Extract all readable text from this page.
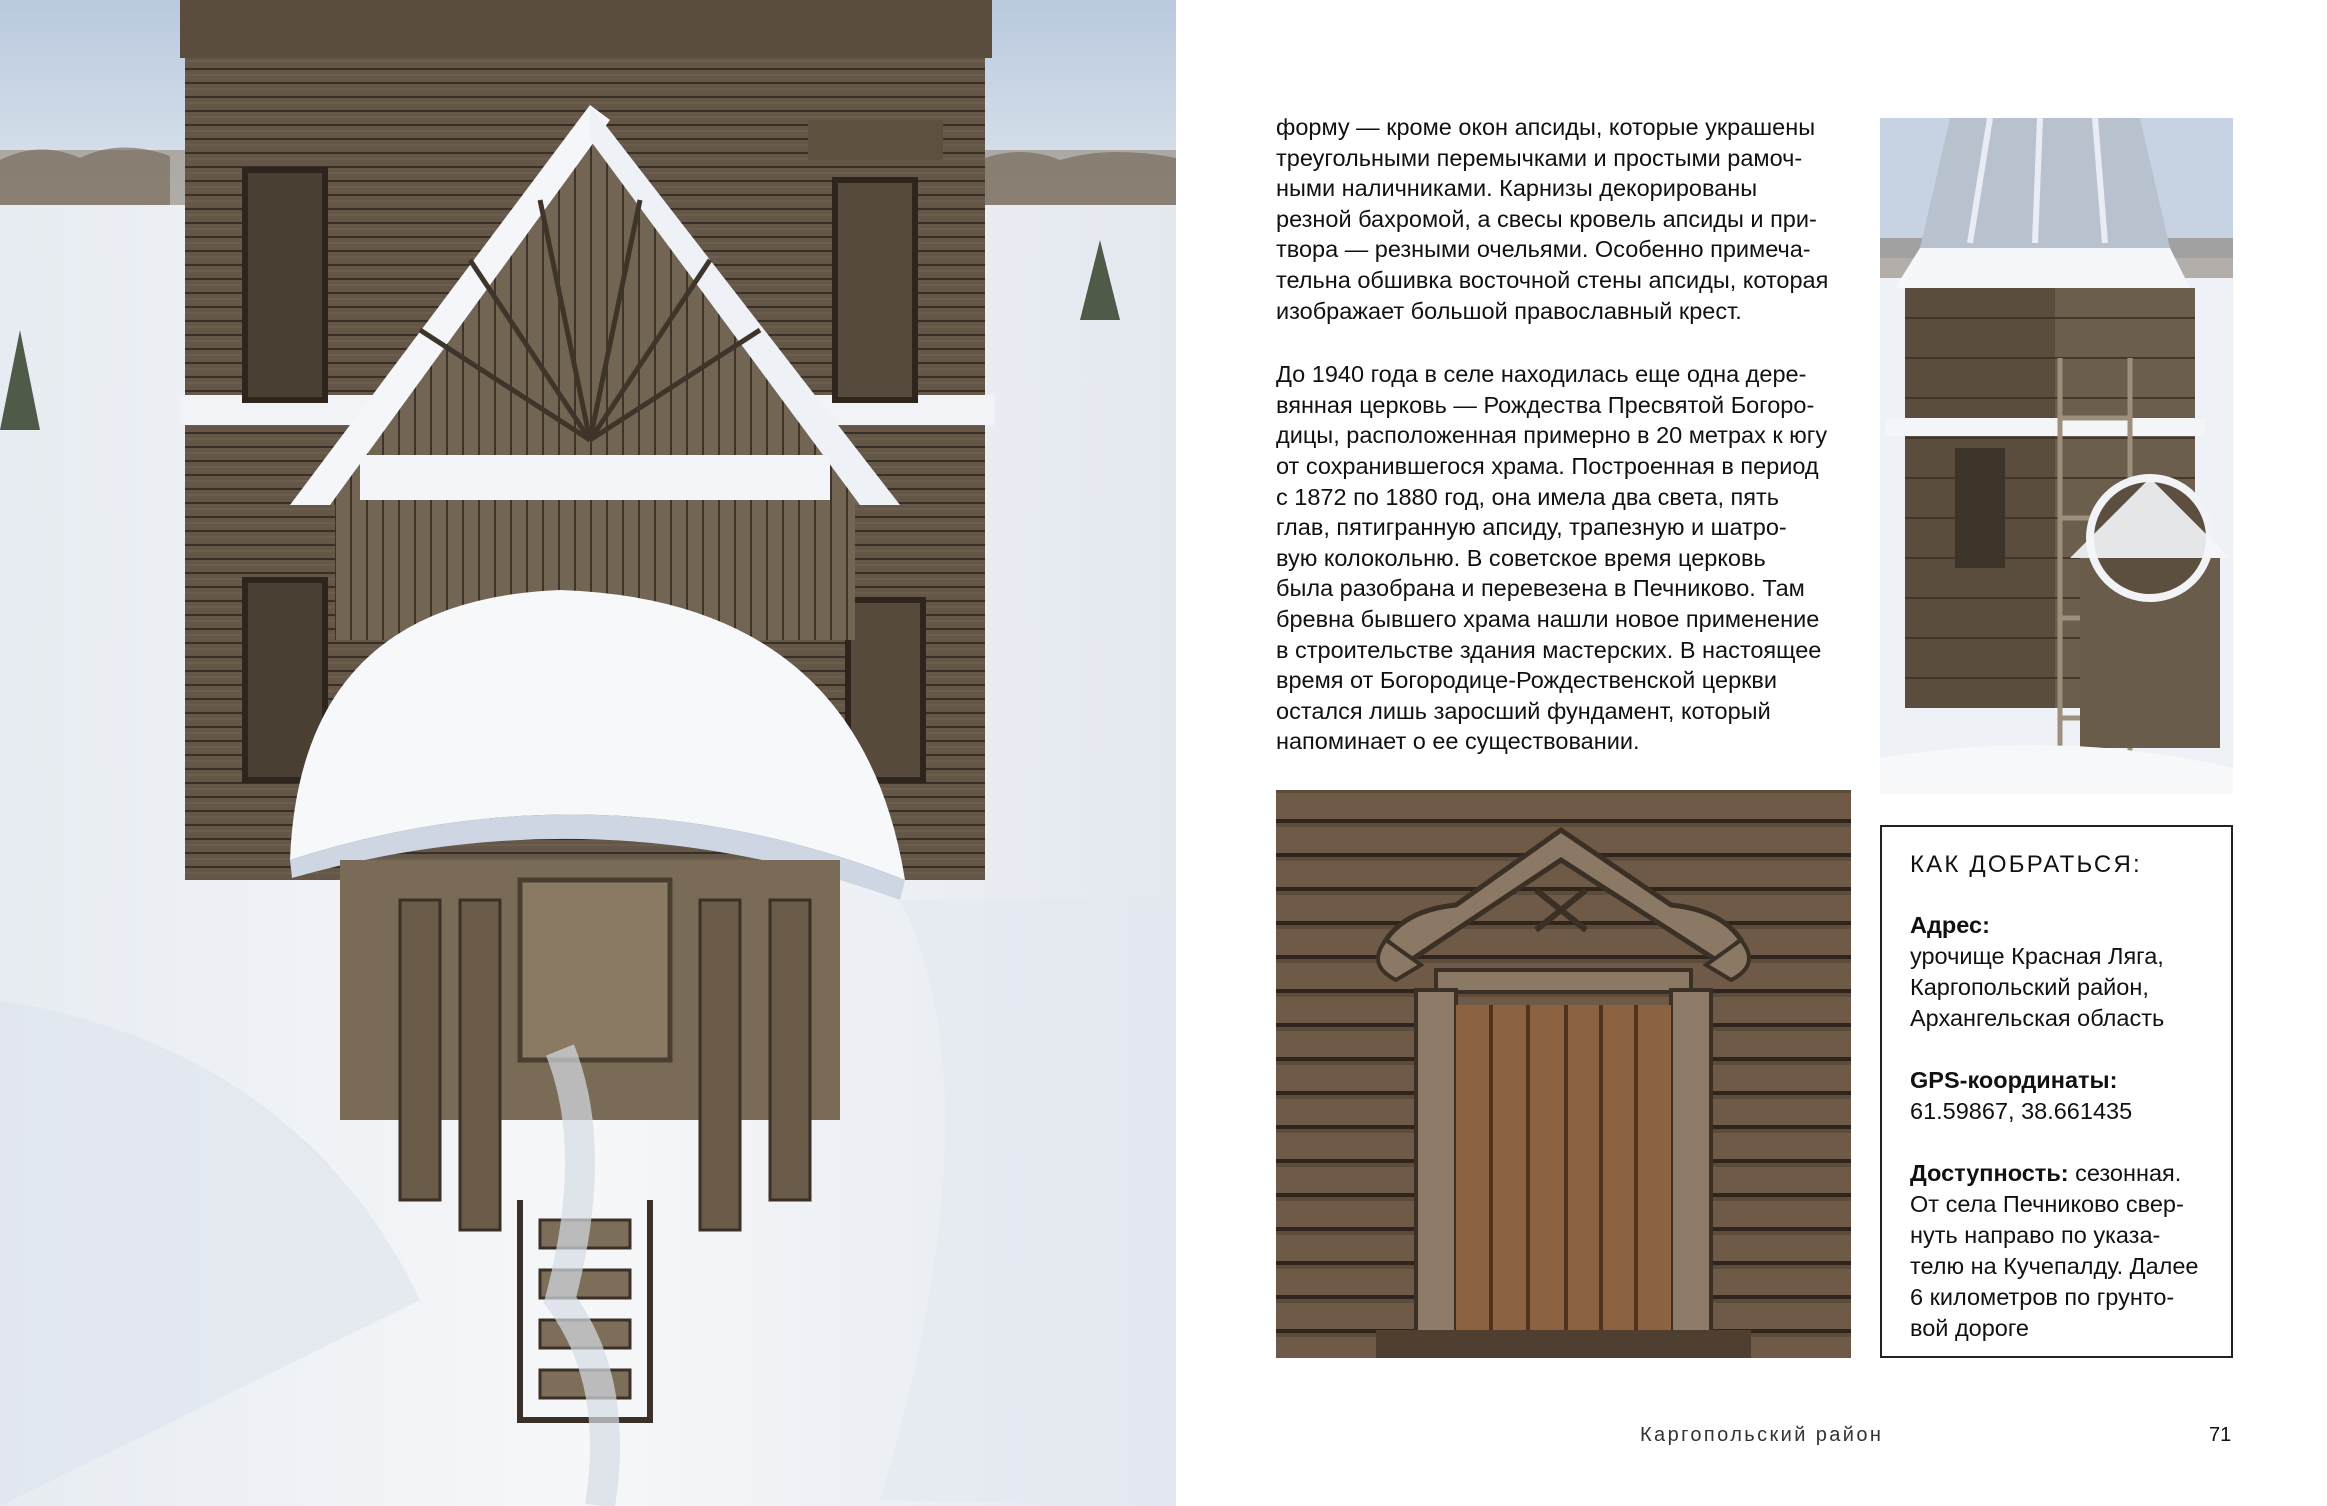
форму — кроме окон апсиды, которые украшены
треугольными перемычками и простыми рамоч-
ными наличниками. Карнизы декорированы
резной бахромой, а свесы кровель апсиды и при-
твора — резными очельями. Особенно примеча-
тельна обшивка восточной стены апсиды, которая
изображает большой православный крест.

До 1940 года в селе находилась еще одна дере-
вянная церковь — Рождества Пресвятой Богоро-
дицы, расположенная примерно в 20 метрах к югу
от сохранившегося храма. Построенная в период
с 1872 по 1880 год, она имела два света, пять
глав, пятигранную апсиду, трапезную и шатро-
вую колокольню. В советское время церковь
была разобрана и перевезена в Печниково. Там
бревна бывшего храма нашли новое применение
в строительстве здания мастерских. В настоящее
время от Богородице-Рождественской церкви
остался лишь заросший фундамент, который
напоминает о ее существовании.

КАК ДОБРАТЬСЯ:
Адрес:
урочище Красная Ляга,
Каргопольский район,
Архангельская область
GPS-координаты:
61.59867, 38.661435
Доступность: сезонная.
От села Печниково свер-
нуть направо по указа-
телю на Кучепалду. Далее
6 километров по грунто-
вой дороге
Каргопольский район	71
